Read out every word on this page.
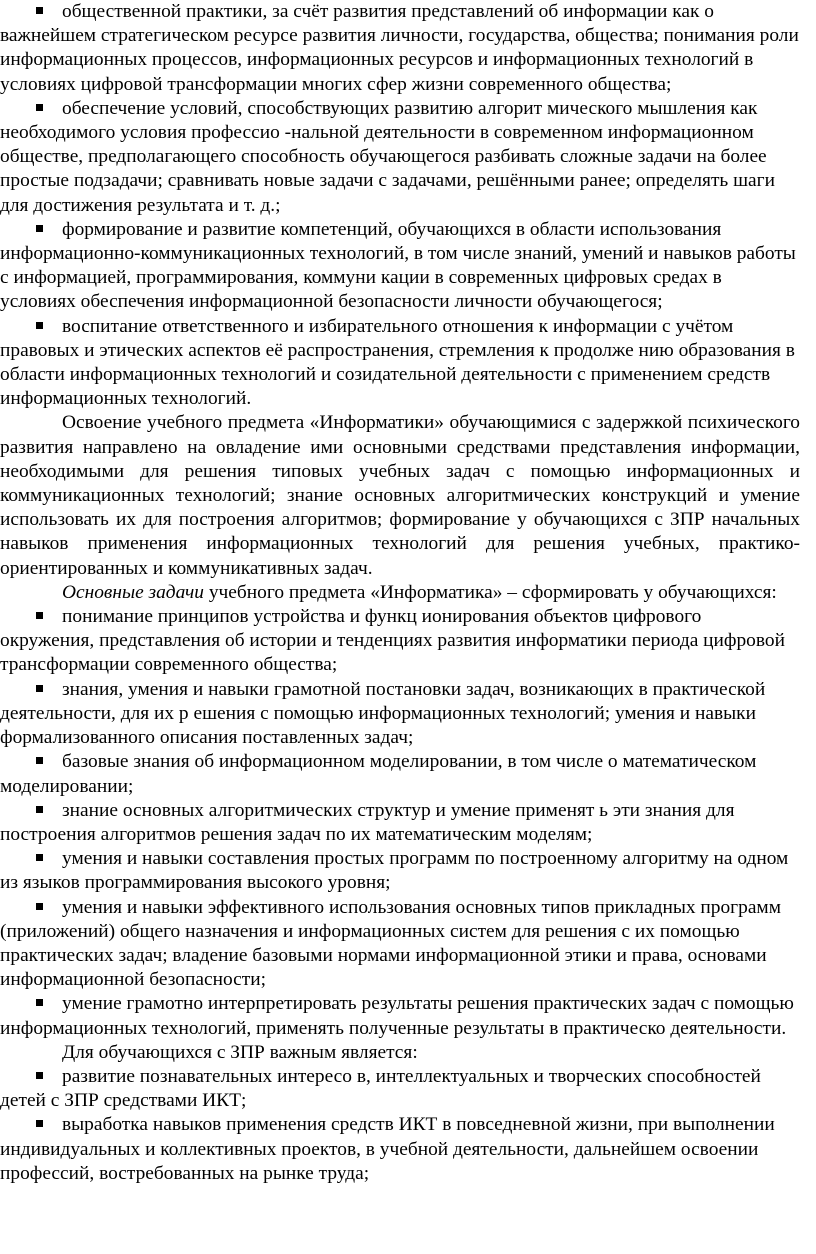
общественной практики, за счёт развития представлений об информации как о важнейшем стратегическом ресурсе развития личности, государства, общества; понимания роли информационных процессов, информационных ресурсов и информационных технологий в условиях цифровой трансформации многих сфер жизни современного общества;
обеспечение условий, способствующих развитию алгорит мического мышления как необходимого условия профессио -нальной деятельности в современном информационном обществе, предполагающего способность обучающегося разбивать сложные задачи на более простые подзадачи; сравнивать новые задачи с задачами, решёнными ранее; определять шаги для достижения результата и т. д.;
формирование и развитие компетенций, обучающихся в области использования информационно-коммуникационных технологий, в том числе знаний, умений и навыков работы с информацией, программирования, коммуни кации в современных цифровых средах в условиях обеспечения информационной безопасности личности обучающегося;
воспитание ответственного и избирательного отношения к информации с учётом правовых и этических аспектов её распространения, стремления к продолже нию образования в области информационных технологий и созидательной деятельности с применением средств информационных технологий.
Освоение учебного предмета «Информатики» обучающимися с задержкой психического развития направлено на овладение ими основными средствами представления информации, необходимыми для решения типовых учебных задач с помощью информационных и коммуникационных технологий; знание основных алгоритмических конструкций и умение использовать их для построения алгоритмов; формирование у обучающихся с ЗПР начальных навыков применения информационных технологий для решения учебных, практико-ориентированных и коммуникативных задач.
Основные задачи учебного предмета «Информатика» – сформировать у обучающихся:
понимание принципов устройства и функц ионирования объектов цифрового окружения, представления об истории и тенденциях развития информатики периода цифровой трансформации современного общества;
знания, умения и навыки грамотной постановки задач, возникающих в практической деятельности, для их р ешения с помощью информационных технологий; умения и навыки формализованного описания поставленных задач;
базовые знания об информационном моделировании, в том числе о математическом моделировании;
знание основных алгоритмических структур и умение применят ь эти знания для построения алгоритмов решения задач по их математическим моделям;
умения и навыки составления простых программ по построенному алгоритму на одном из языков программирования высокого уровня;
умения и навыки эффективного использования основных типов прикладных программ (приложений) общего назначения и информационных систем для решения с их помощью практических задач; владение базовыми нормами информационной этики и права, основами информационной безопасности;
умение грамотно интерпретировать результаты решения практических задач с помощью информационных технологий, применять полученные результаты в практическо деятельности.
Для обучающихся с ЗПР важным является:
развитие познавательных интересо в, интеллектуальных и творческих способностей детей с ЗПР средствами ИКТ;
выработка навыков применения средств ИКТ в повседневной жизни, при выполнении индивидуальных и коллективных проектов, в учебной деятельности, дальнейшем освоении профессий, востребованных на рынке труда;
